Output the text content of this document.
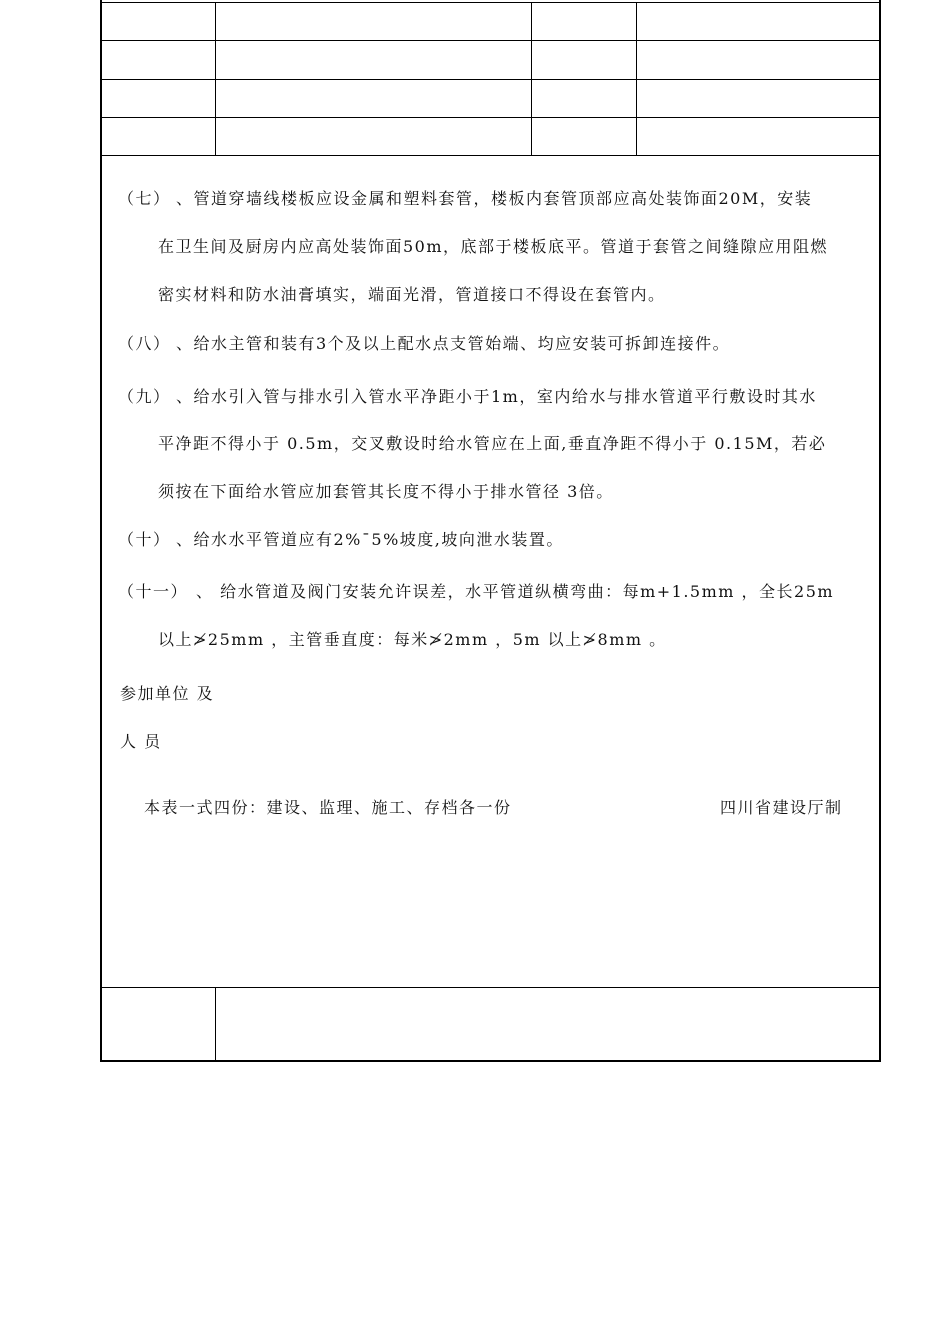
（七） 、管道穿墙线楼板应设金属和塑料套管，楼板内套管顶部应高处装饰面20M，安装
在卫生间及厨房内应高处装饰面50m，底部于楼板底平。管道于套管之间缝隙应用阻燃
密实材料和防水油膏填实，端面光滑，管道接口不得设在套管内。
（八） 、给水主管和装有3个及以上配水点支管始端、均应安装可拆卸连接件。
（九） 、给水引入管与排水引入管水平净距小于1m，室内给水与排水管道平行敷设时其水
平净距不得小于 0.5m，交叉敷设时给水管应在上面,垂直净距不得小于 0.15M，若必
须按在下面给水管应加套管其长度不得小于排水管径 3倍。
（十） 、给水水平管道应有2%¯5%坡度,坡向泄水装置。
（十一） 、 给水管道及阀门安装允许误差，水平管道纵横弯曲：每m+1.5mm ，全长25m
以上≯25mm ，主管垂直度：每米≯2mm ，5m 以上≯8mm 。
参加单位 及
人 员
本表一式四份：建设、监理、施工、存档各一份	四川省建设厅制
